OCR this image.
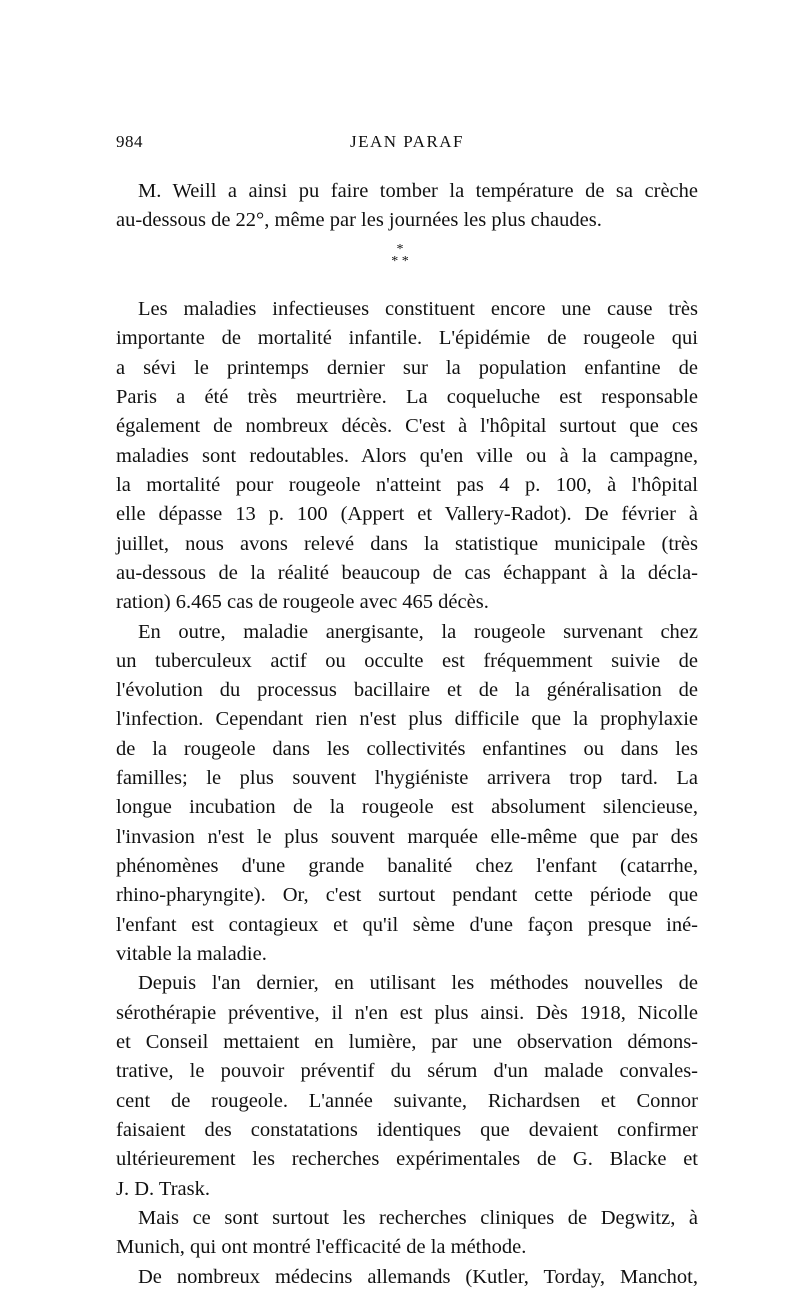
984	JEAN PARAF
*
* *
M. Weill a ainsi pu faire tomber la température de sa crèche
au-dessous de 22°, même par les journées les plus chaudes.
Les maladies infectieuses constituent encore une cause très
importante de mortalité infantile. L'épidémie de rougeole qui
a sévi le printemps dernier sur la population enfantine de
Paris a été très meurtrière. La coqueluche est responsable
également de nombreux décès. C'est à l'hôpital surtout que ces
maladies sont redoutables. Alors qu'en ville ou à la campagne,
la mortalité pour rougeole n'atteint pas 4 p. 100, à l'hôpital
elle dépasse 13 p. 100 (Appert et Vallery-Radot). De février à
juillet, nous avons relevé dans la statistique municipale (très
au-dessous de la réalité beaucoup de cas échappant à la décla-
ration) 6.465 cas de rougeole avec 465 décès.
En outre, maladie anergisante, la rougeole survenant chez
un tuberculeux actif ou occulte est fréquemment suivie de
l'évolution du processus bacillaire et de la généralisation de
l'infection. Cependant rien n'est plus difficile que la prophylaxie
de la rougeole dans les collectivités enfantines ou dans les
familles; le plus souvent l'hygiéniste arrivera trop tard. La
longue incubation de la rougeole est absolument silencieuse,
l'invasion n'est le plus souvent marquée elle-même que par des
phénomènes d'une grande banalité chez l'enfant (catarrhe,
rhino-pharyngite). Or, c'est surtout pendant cette période que
l'enfant est contagieux et qu'il sème d'une façon presque iné-
vitable la maladie.
Depuis l'an dernier, en utilisant les méthodes nouvelles de
sérothérapie préventive, il n'en est plus ainsi. Dès 1918, Nicolle
et Conseil mettaient en lumière, par une observation démons-
trative, le pouvoir préventif du sérum d'un malade convales-
cent de rougeole. L'année suivante, Richardsen et Connor
faisaient des constatations identiques que devaient confirmer
ultérieurement les recherches expérimentales de G. Blacke et
J. D. Trask.
Mais ce sont surtout les recherches cliniques de Degwitz, à
Munich, qui ont montré l'efficacité de la méthode.
De nombreux médecins allemands (Kutler, Torday, Manchot,
